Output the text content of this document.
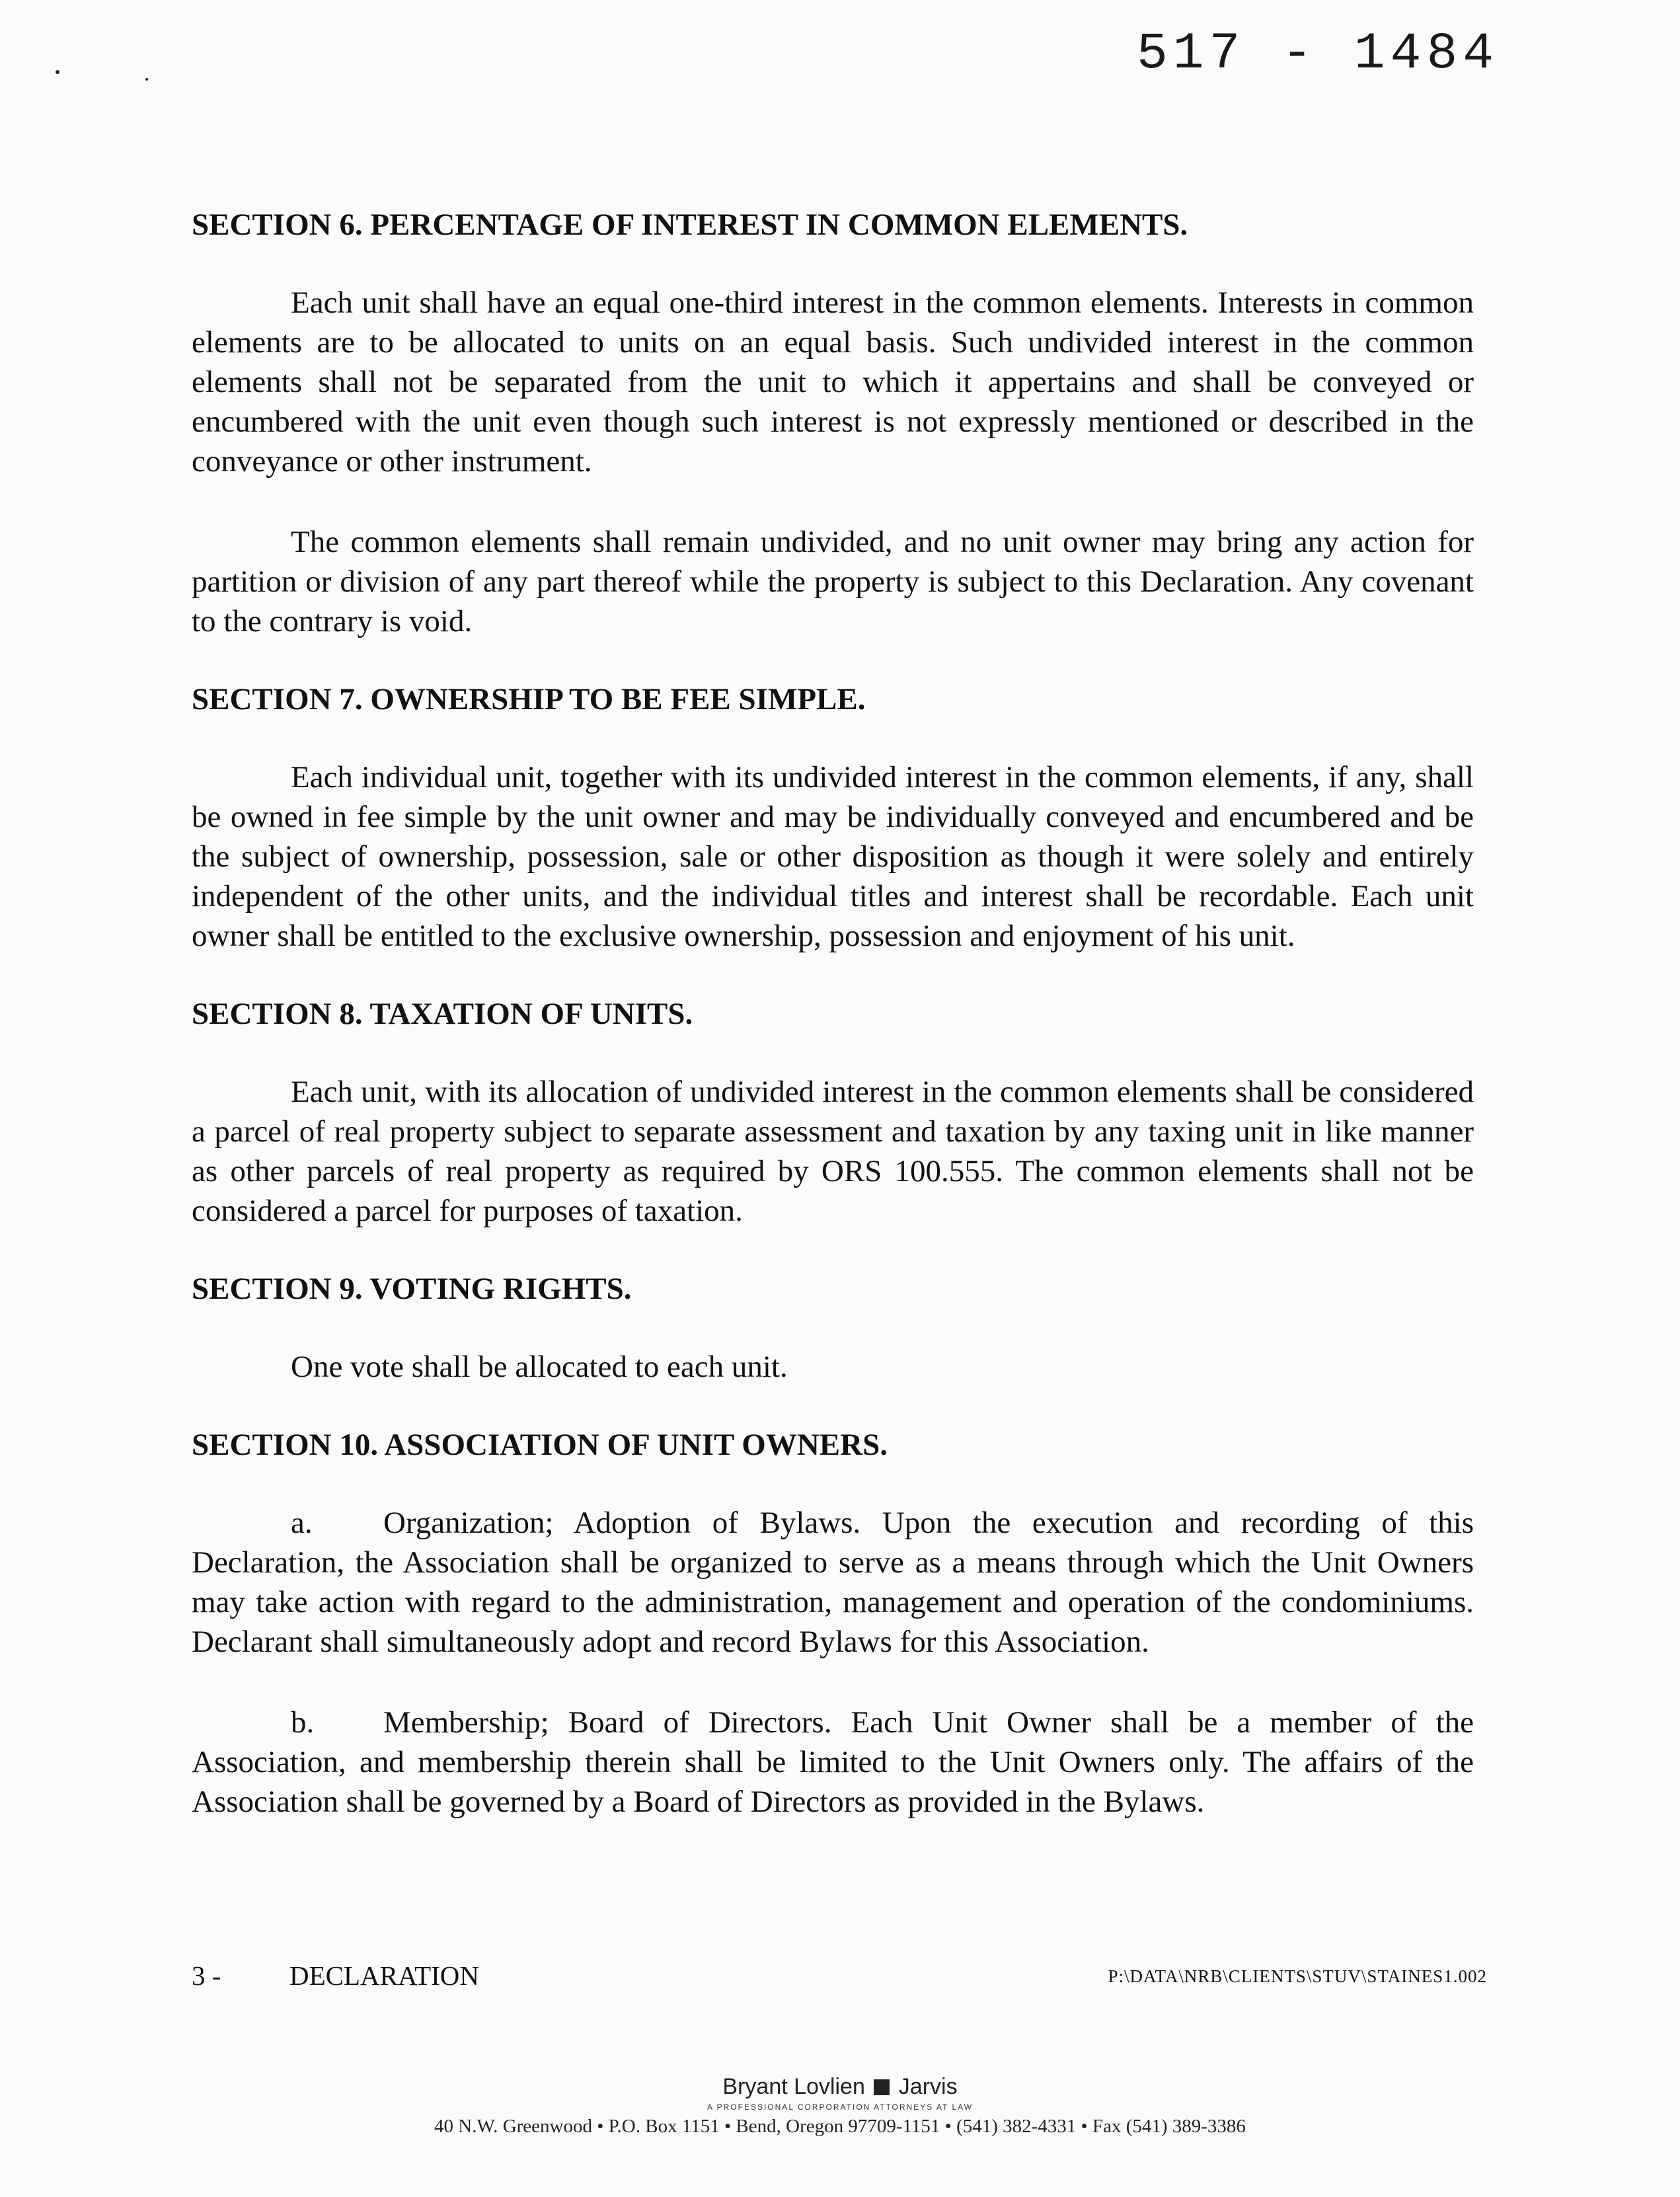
517 - 1484
SECTION 6. PERCENTAGE OF INTEREST IN COMMON ELEMENTS.

Each unit shall have an equal one-third interest in the common elements. Interests in common elements are to be allocated to units on an equal basis. Such undivided interest in the common elements shall not be separated from the unit to which it appertains and shall be conveyed or encumbered with the unit even though such interest is not expressly mentioned or described in the conveyance or other instrument.

The common elements shall remain undivided, and no unit owner may bring any action for partition or division of any part thereof while the property is subject to this Declaration. Any covenant to the contrary is void.

SECTION 7. OWNERSHIP TO BE FEE SIMPLE.

Each individual unit, together with its undivided interest in the common elements, if any, shall be owned in fee simple by the unit owner and may be individually conveyed and encumbered and be the subject of ownership, possession, sale or other disposition as though it were solely and entirely independent of the other units, and the individual titles and interest shall be recordable. Each unit owner shall be entitled to the exclusive ownership, possession and enjoyment of his unit.

SECTION 8. TAXATION OF UNITS.

Each unit, with its allocation of undivided interest in the common elements shall be considered a parcel of real property subject to separate assessment and taxation by any taxing unit in like manner as other parcels of real property as required by ORS 100.555. The common elements shall not be considered a parcel for purposes of taxation.

SECTION 9. VOTING RIGHTS.

One vote shall be allocated to each unit.

SECTION 10. ASSOCIATION OF UNIT OWNERS.

a. Organization; Adoption of Bylaws. Upon the execution and recording of this Declaration, the Association shall be organized to serve as a means through which the Unit Owners may take action with regard to the administration, management and operation of the condominiums. Declarant shall simultaneously adopt and record Bylaws for this Association.

b. Membership; Board of Directors. Each Unit Owner shall be a member of the Association, and membership therein shall be limited to the Unit Owners only. The affairs of the Association shall be governed by a Board of Directors as provided in the Bylaws.

3 -	DECLARATION	P:\DATA\NRB\CLIENTS\STUV\STAINES1.002
Bryant Lovlien Jarvis
A PROFESSIONAL CORPORATION ATTORNEYS AT LAW
40 N.W. Greenwood • P.O. Box 1151 • Bend, Oregon 97709-1151 • (541) 382-4331 • Fax (541) 389-3386
